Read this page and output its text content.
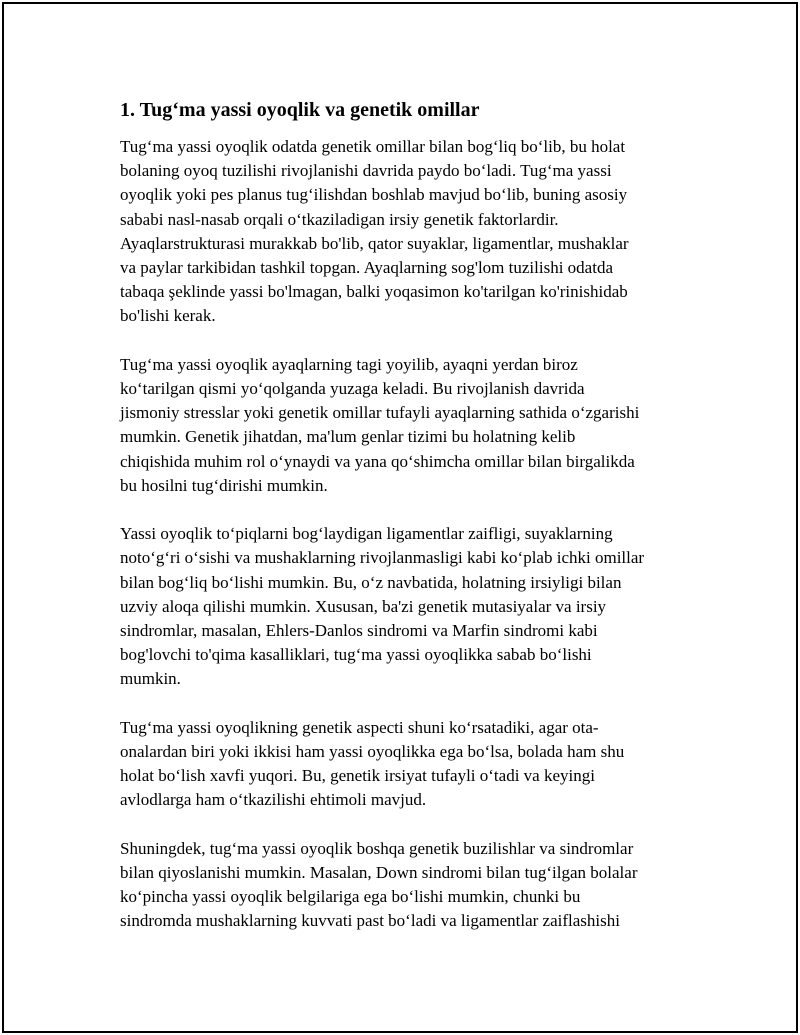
1. Tug‘ma yassi oyoqlik va genetik omillar

Tug‘ma yassi oyoqlik odatda genetik omillar bilan bog‘liq bo‘lib, bu holat
bolaning oyoq tuzilishi rivojlanishi davrida paydo bo‘ladi. Tug‘ma yassi
oyoqlik yoki pes planus tug‘ilishdan boshlab mavjud bo‘lib, buning asosiy
sababi nasl-nasab orqali o‘tkaziladigan irsiy genetik faktorlardir.
Ayaqlarstrukturasi murakkab bo'lib, qator suyaklar, ligamentlar, mushaklar
va paylar tarkibidan tashkil topgan. Ayaqlarning sog'lom tuzilishi odatda
tabaqa şeklinde yassi bo'lmagan, balki yoqasimon ko'tarilgan ko'rinishidab
bo'lishi kerak.

Tug‘ma yassi oyoqlik ayaqlarning tagi yoyilib, ayaqni yerdan biroz
ko‘tarilgan qismi yo‘qolganda yuzaga keladi. Bu rivojlanish davrida
jismoniy stresslar yoki genetik omillar tufayli ayaqlarning sathida o‘zgarishi
mumkin. Genetik jihatdan, ma'lum genlar tizimi bu holatning kelib
chiqishida muhim rol o‘ynaydi va yana qo‘shimcha omillar bilan birgalikda
bu hosilni tug‘dirishi mumkin.

Yassi oyoqlik to‘piqlarni bog‘laydigan ligamentlar zaifligi, suyaklarning
noto‘g‘ri o‘sishi va mushaklarning rivojlanmasligi kabi ko‘plab ichki omillar
bilan bog‘liq bo‘lishi mumkin. Bu, o‘z navbatida, holatning irsiyligi bilan
uzviy aloqa qilishi mumkin. Xususan, ba'zi genetik mutasiyalar va irsiy
sindromlar, masalan, Ehlers-Danlos sindromi va Marfin sindromi kabi
bog'lovchi to'qima kasalliklari, tug‘ma yassi oyoqlikka sabab bo‘lishi
mumkin.

Tug‘ma yassi oyoqlikning genetik aspecti shuni ko‘rsatadiki, agar ota-
onalardan biri yoki ikkisi ham yassi oyoqlikka ega bo‘lsa, bolada ham shu
holat bo‘lish xavfi yuqori. Bu, genetik irsiyat tufayli o‘tadi va keyingi
avlodlarga ham o‘tkazilishi ehtimoli mavjud.

Shuningdek, tug‘ma yassi oyoqlik boshqa genetik buzilishlar va sindromlar
bilan qiyoslanishi mumkin. Masalan, Down sindromi bilan tug‘ilgan bolalar
ko‘pincha yassi oyoqlik belgilariga ega bo‘lishi mumkin, chunki bu
sindromda mushaklarning kuvvati past bo‘ladi va ligamentlar zaiflashishi
